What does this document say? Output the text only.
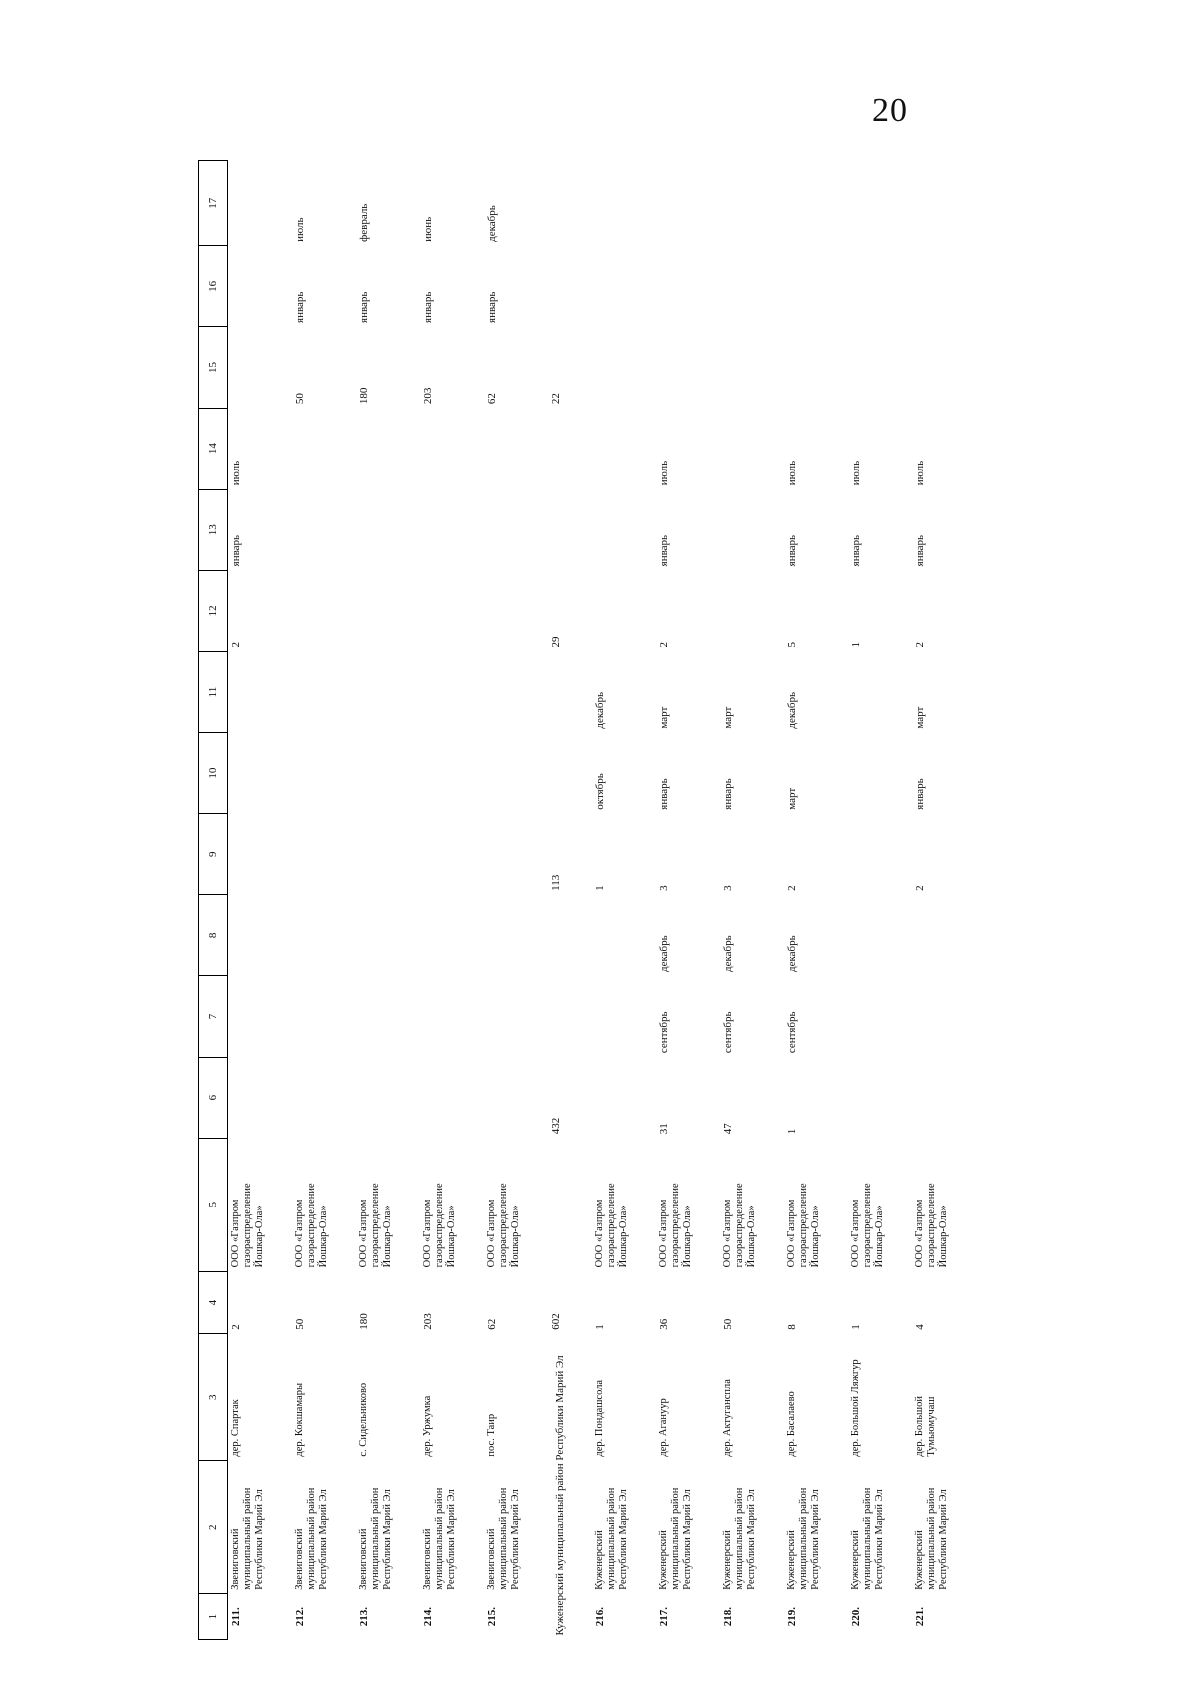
20
1	2	3	4	5	6	7	8	9	10	11	12	13	14	15	16	17
211.	Звениговский муниципальный район Республики Марий Эл	дер. Спартак	2	ООО «Газпром газораспределение Йошкар-Ола»							2	январь	июль			
212.	Звениговский муниципальный район Республики Марий Эл	дер. Кокшамары	50	ООО «Газпром газораспределение Йошкар-Ола»										50	январь	июль
213.	Звениговский муниципальный район Республики Марий Эл	с. Сидельниково	180	ООО «Газпром газораспределение Йошкар-Ола»										180	январь	февраль
214.	Звениговский муниципальный район Республики Марий Эл	дер. Уржумка	203	ООО «Газпром газораспределение Йошкар-Ола»										203	январь	июнь
215.	Звениговский муниципальный район Республики Марий Эл	пос. Таир	62	ООО «Газпром газораспределение Йошкар-Ола»										62	январь	декабрь
Куженерский муниципальный район Республики Марий Эл			602		432			113			29			22		
216.	Куженерский муниципальный район Республики Марий Эл	дер. Пондашсола	1	ООО «Газпром газораспределение Йошкар-Ола»				1	октябрь	декабрь						
217.	Куженерский муниципальный район Республики Марий Эл	дер. Агануур	36	ООО «Газпром газораспределение Йошкар-Ола»	31	сентябрь	декабрь	3	январь	март	2	январь	июль			
218.	Куженерский муниципальный район Республики Марий Эл	дер. Актуганспла	50	ООО «Газпром газораспределение Йошкар-Ола»	47	сентябрь	декабрь	3	январь	март						
219.	Куженерский муниципальный район Республики Марий Эл	дер. Басалаево	8	ООО «Газпром газораспределение Йошкар-Ола»	1	сентябрь	декабрь	2	март	декабрь	5	январь	июль			
220.	Куженерский муниципальный район Республики Марий Эл	дер. Большой Ляжгур	1	ООО «Газпром газораспределение Йошкар-Ола»							1	январь	июль			
221.	Куженерский муниципальный район Республики Марий Эл	дер. Большой Тумьюмучаш	4	ООО «Газпром газораспределение Йошкар-Ола»				2	январь	март	2	январь	июль			
